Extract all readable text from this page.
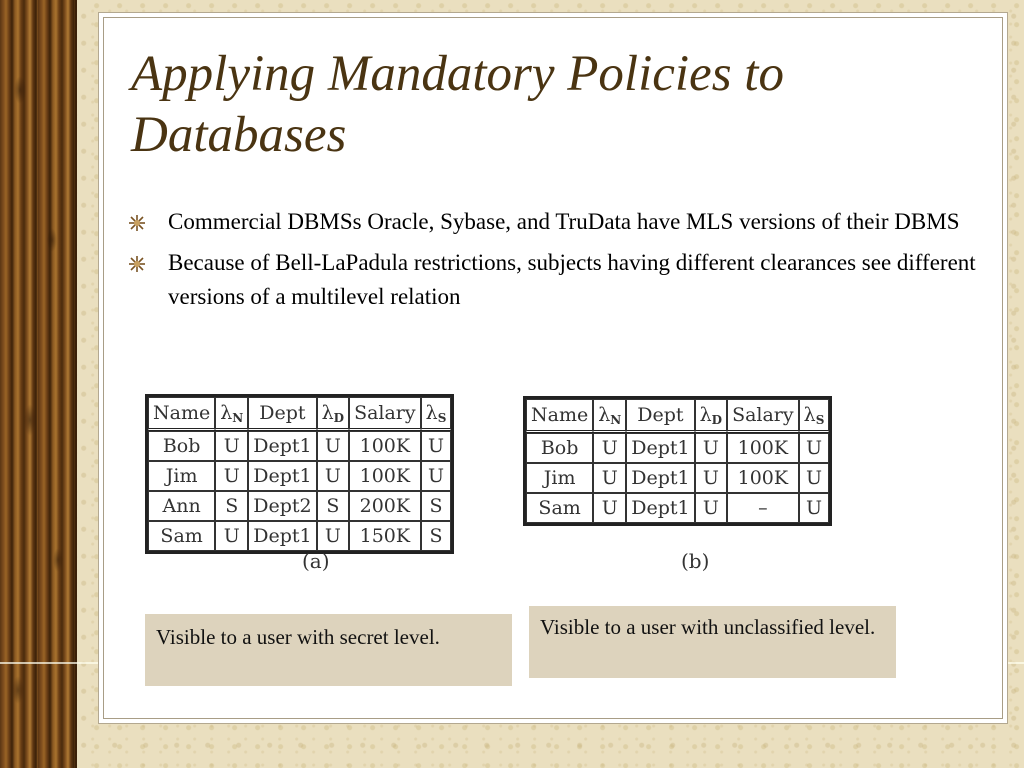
Applying Mandatory Policies to Databases
Commercial DBMSs Oracle, Sybase, and TruData have MLS versions of their DBMS
Because of Bell-LaPadula restrictions, subjects having different clearances see different versions of a multilevel relation
Name	$\lambda_N$	Dept	$\lambda_D$	Salary	$\lambda_S$
Bob	U	Dept1	U	100K	U
Jim	U	Dept1	U	100K	U
Ann	S	Dept2	S	200K	S
Sam	U	Dept1	U	150K	S
(a)
Name	$\lambda_N$	Dept	$\lambda_D$	Salary	$\lambda_S$
Bob	U	Dept1	U	100K	U
Jim	U	Dept1	U	100K	U
Sam	U	Dept1	U	–	U
(b)
Visible to a user with secret level.	Visible to a user with unclassified level.
